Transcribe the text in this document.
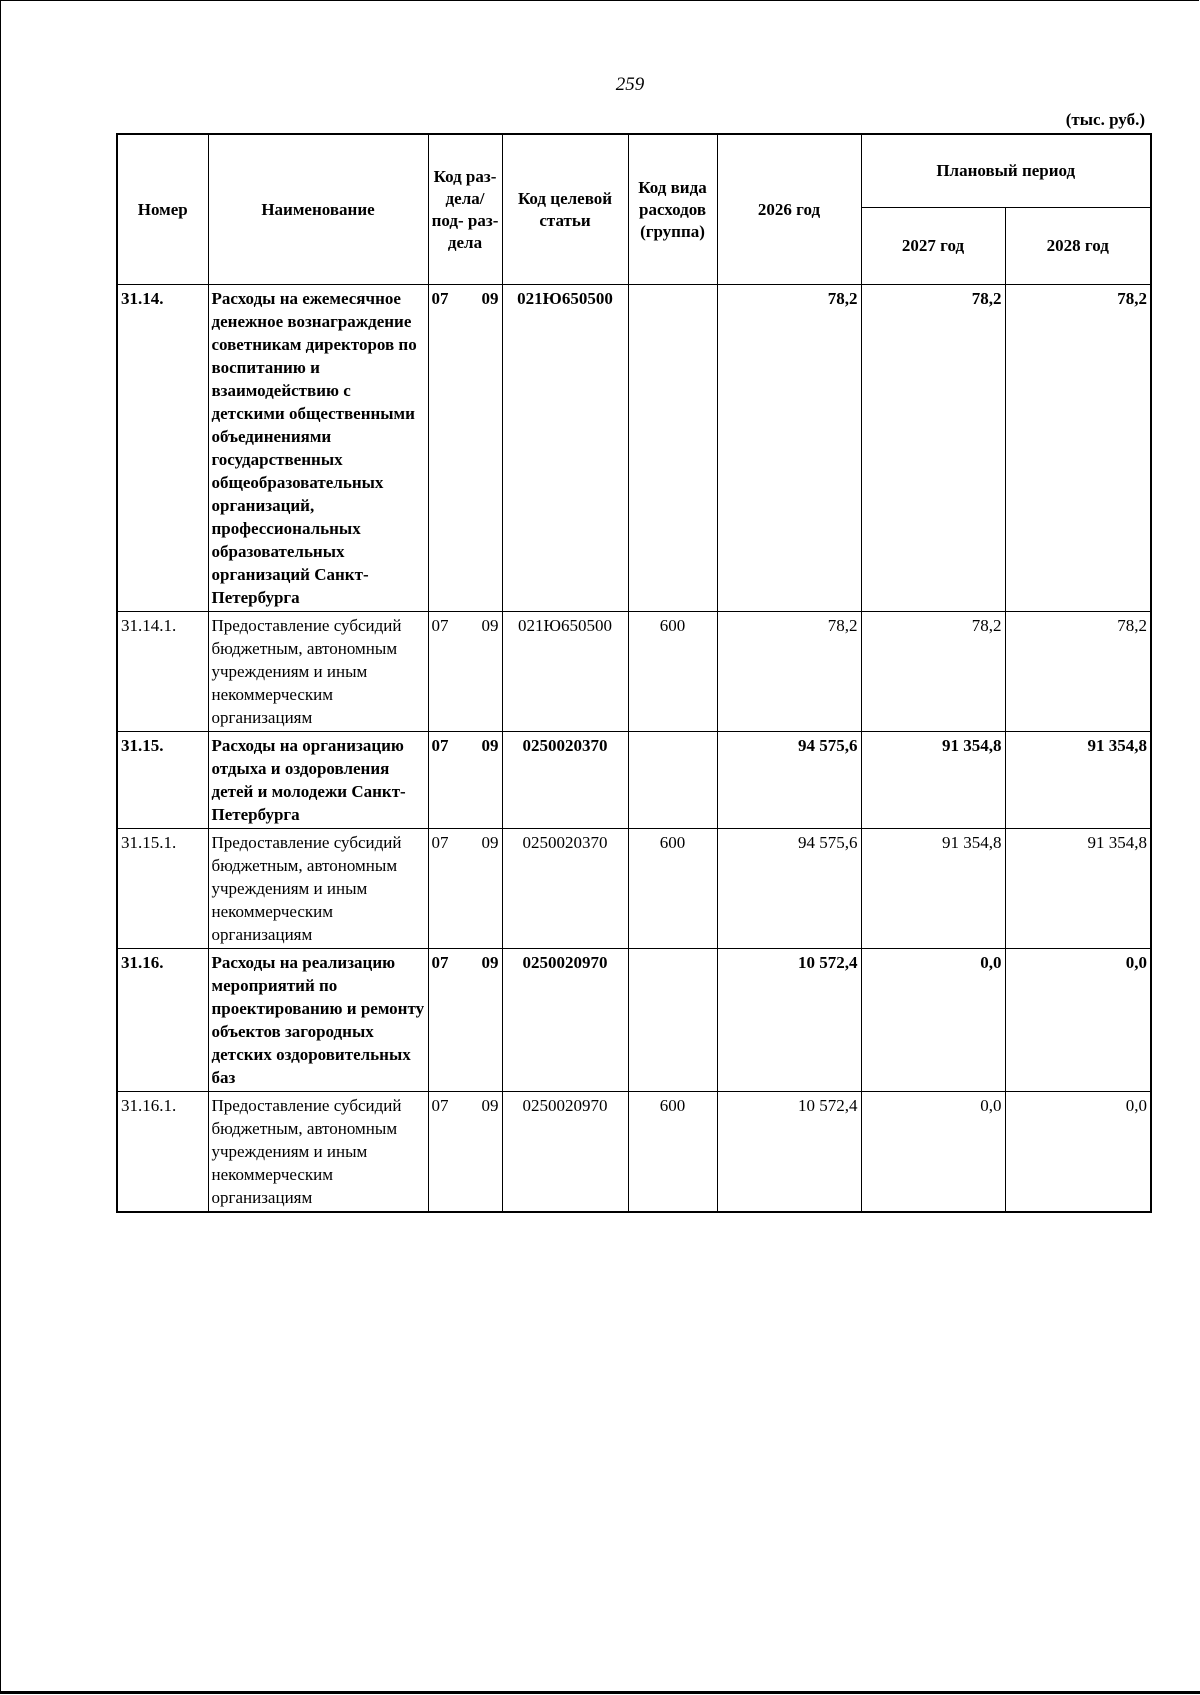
259
(тыс. руб.)
Номер	Наименование	Код раз- дела/ под- раз- дела	Код целевой статьи	Код вида расходов (группа)	2026 год	Плановый период	
						2027 год	2028 год
31.14.	Расходы на ежемесячное денежное вознаграждение советникам директоров по воспитанию и взаимодействию с детскими общественными объединениями государственных общеобразовательных организаций, профессиональных образовательных организаций Санкт-Петербурга	07 09	021Ю650500		78,2	78,2	78,2
31.14.1.	Предоставление субсидий бюджетным, автономным учреждениям и иным некоммерческим организациям	07 09	021Ю650500	600	78,2	78,2	78,2
31.15.	Расходы на организацию отдыха и оздоровления детей и молодежи Санкт-Петербурга	07 09	0250020370		94 575,6	91 354,8	91 354,8
31.15.1.	Предоставление субсидий бюджетным, автономным учреждениям и иным некоммерческим организациям	07 09	0250020370	600	94 575,6	91 354,8	91 354,8
31.16.	Расходы на реализацию мероприятий по проектированию и ремонту объектов загородных детских оздоровительных баз	07 09	0250020970		10 572,4	0,0	0,0
31.16.1.	Предоставление субсидий бюджетным, автономным учреждениям и иным некоммерческим организациям	07 09	0250020970	600	10 572,4	0,0	0,0
